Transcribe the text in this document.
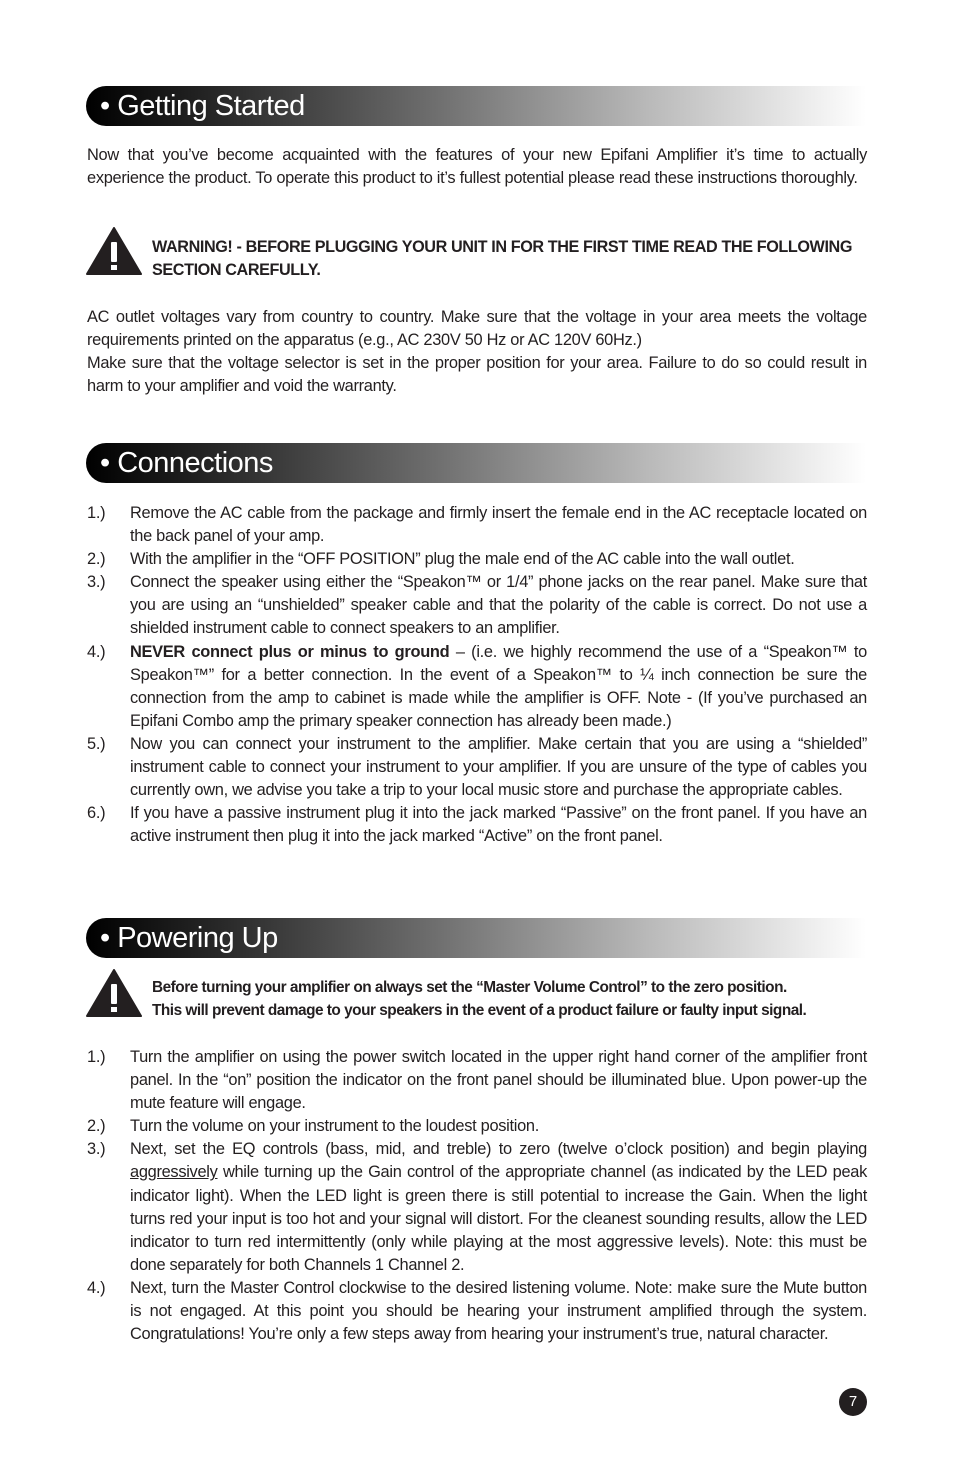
• Getting Started
Now that you’ve become acquainted with the features of your new Epifani Amplifier it’s time to actually experience the product. To operate this product to it’s fullest potential please read these instructions thoroughly.
WARNING! - BEFORE PLUGGING YOUR UNIT IN FOR THE FIRST TIME READ THE FOLLOWING SECTION CAREFULLY.
AC outlet voltages vary from country to country. Make sure that the voltage in your area meets the voltage requirements printed on the apparatus (e.g., AC 230V 50 Hz or AC 120V 60Hz.)
Make sure that the voltage selector is set in the proper position for your area. Failure to do so could result in harm to your amplifier and void the warranty.
• Connections
1.) Remove the AC cable from the package and firmly insert the female end in the AC receptacle located on the back panel of your amp.
2.) With the amplifier in the “OFF POSITION” plug the male end of the AC cable into the wall outlet.
3.) Connect the speaker using either the “Speakon™ or 1/4” phone jacks on the rear panel. Make sure that you are using an “unshielded” speaker cable and that the polarity of the cable is correct. Do not use a shielded instrument cable to connect speakers to an amplifier.
4.) NEVER connect plus or minus to ground – (i.e. we highly recommend the use of a “Speakon™ to Speakon™” for a better connection. In the event of a Speakon™ to ¼ inch connection be sure the connection from the amp to cabinet is made while the amplifier is OFF. Note - (If you’ve purchased an Epifani Combo amp the primary speaker connection has already been made.)
5.) Now you can connect your instrument to the amplifier. Make certain that you are using a “shielded” instrument cable to connect your instrument to your amplifier. If you are unsure of the type of cables you currently own, we advise you take a trip to your local music store and purchase the appropriate cables.
6.) If you have a passive instrument plug it into the jack marked “Passive” on the front panel. If you have an active instrument then plug it into the jack marked “Active” on the front panel.
• Powering Up
Before turning your amplifier on always set the “Master Volume Control” to the zero position.
This will prevent damage to your speakers in the event of a product failure or faulty input signal.
1.) Turn the amplifier on using the power switch located in the upper right hand corner of the amplifier front panel. In the “on” position the indicator on the front panel should be illuminated blue. Upon power-up the mute feature will engage.
2.) Turn the volume on your instrument to the loudest position.
3.) Next, set the EQ controls (bass, mid, and treble) to zero (twelve o’clock position) and begin playing aggressively while turning up the Gain control of the appropriate channel (as indicated by the LED peak indicator light). When the LED light is green there is still potential to increase the Gain. When the light turns red your input is too hot and your signal will distort. For the cleanest sounding results, allow the LED indicator to turn red intermittently (only while playing at the most aggressive levels). Note: this must be done separately for both Channels 1 Channel 2.
4.) Next, turn the Master Control clockwise to the desired listening volume. Note: make sure the Mute button is not engaged. At this point you should be hearing your instrument amplified through the system. Congratulations! You’re only a few steps away from hearing your instrument’s true, natural character.
7
